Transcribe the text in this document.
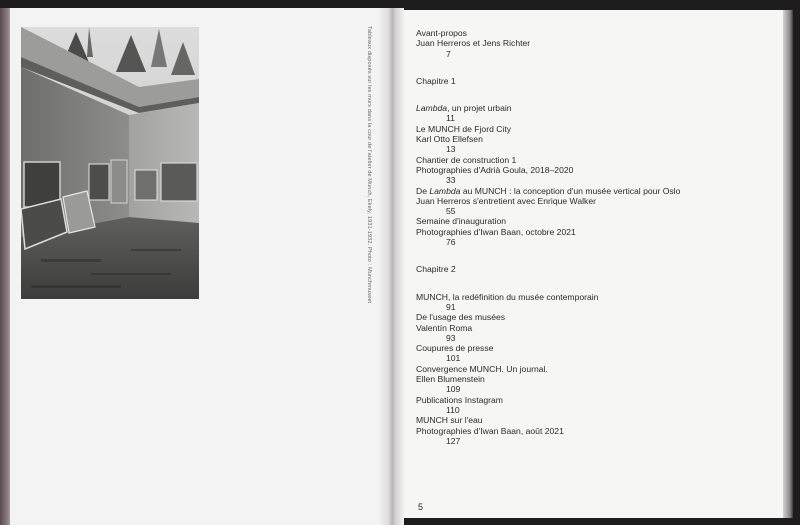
Tableaux disposés sur les murs dans la cour de l'atelier de Munch, Ekely, 1931-1932. Photo : Munchmuseet	Avant-propos
Juan Herreros et Jens Richter
7
Chapitre 1
Lambda, un projet urbain
11
Le MUNCH de Fjord City
Karl Otto Ellefsen
13
Chantier de construction 1
Photographies d'Adrià Goula, 2018–2020
33
De Lambda au MUNCH : la conception d'un musée vertical pour Oslo
Juan Herreros s'entretient avec Enrique Walker
55
Semaine d'inauguration
Photographies d'Iwan Baan, octobre 2021
76
Chapitre 2
MUNCH, la redéfinition du musée contemporain
91
De l'usage des musées
Valentín Roma
93
Coupures de presse
101
Convergence MUNCH. Un journal.
Ellen Blumenstein
109
Publications Instagram
110
MUNCH sur l'eau
Photographies d'Iwan Baan, août 2021
127
5
